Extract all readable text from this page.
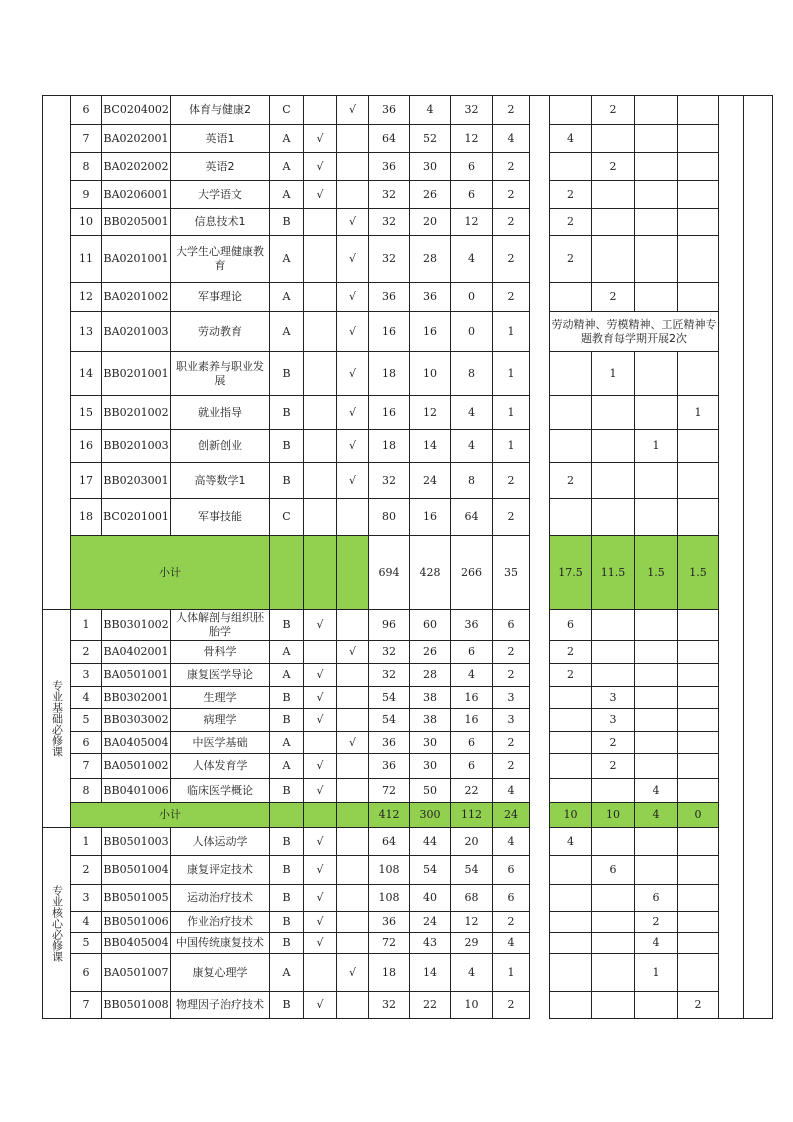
	6	BC0204002	体育与健康2	C		√	36	4	32	2			2				
	7	BA0202001	英语1	A	√		64	52	12	4		4					
	8	BA0202002	英语2	A	√		36	30	6	2			2				
	9	BA0206001	大学语文	A	√		32	26	6	2		2					
	10	BB0205001	信息技术1	B		√	32	20	12	2		2					
	11	BA0201001	大学生心理健康教育	A		√	32	28	4	2		2					
	12	BA0201002	军事理论	A		√	36	36	0	2			2				
	13	BA0201003	劳动教育	A		√	16	16	0	1		劳动精神、劳模精神、工匠精神专题教育每学期开展2次					
	14	BB0201001	职业素养与职业发展	B		√	18	10	8	1			1				
	15	BB0201002	就业指导	B		√	16	12	4	1					1		
	16	BB0201003	创新创业	B		√	18	14	4	1				1			
	17	BB0203001	高等数学1	B		√	32	24	8	2		2					
	18	BC0201001	军事技能	C			80	16	64	2							
	小计						694	428	266	35		17.5	11.5	1.5	1.5		
专业基础必修课	1	BB0301002	人体解剖与组织胚胎学	B	√		96	60	36	6		6					
	2	BA0402001	骨科学	A		√	32	26	6	2		2					
	3	BA0501001	康复医学导论	A	√		32	28	4	2		2					
	4	BB0302001	生理学	B	√		54	38	16	3			3				
	5	BB0303002	病理学	B	√		54	38	16	3			3				
	6	BA0405004	中医学基础	A		√	36	30	6	2			2				
	7	BA0501002	人体发育学	A	√		36	30	6	2			2				
	8	BB0401006	临床医学概论	B	√		72	50	22	4				4			
	小计						412	300	112	24		10	10	4	0		
专业核心必修课	1	BB0501003	人体运动学	B	√		64	44	20	4		4					
	2	BB0501004	康复评定技术	B	√		108	54	54	6			6				
	3	BB0501005	运动治疗技术	B	√		108	40	68	6				6			
	4	BB0501006	作业治疗技术	B	√		36	24	12	2				2			
	5	BB0405004	中国传统康复技术	B	√		72	43	29	4				4			
	6	BA0501007	康复心理学	A		√	18	14	4	1				1			
	7	BB0501008	物理因子治疗技术	B	√		32	22	10	2					2		
